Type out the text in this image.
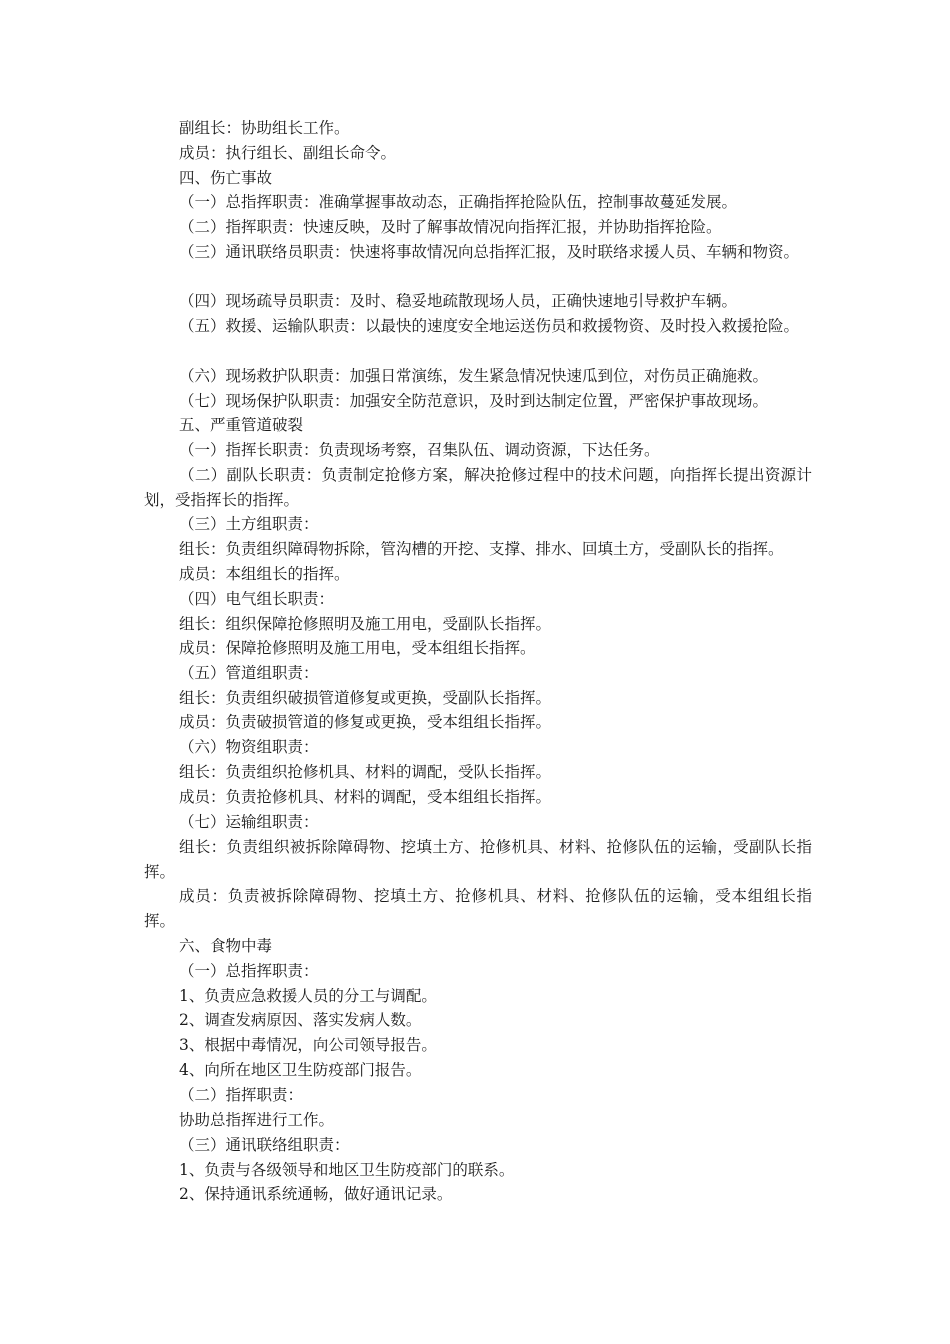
副组长：协助组长工作。

成员：执行组长、副组长命令。

四、伤亡事故

（一）总指挥职责：准确掌握事故动态，正确指挥抢险队伍，控制事故蔓延发展。

（二）指挥职责：快速反映，及时了解事故情况向指挥汇报，并协助指挥抢险。

（三）通讯联络员职责：快速将事故情况向总指挥汇报，及时联络求援人员、车辆和物资。

（四）现场疏导员职责：及时、稳妥地疏散现场人员，正确快速地引导救护车辆。

（五）救援、运输队职责：以最快的速度安全地运送伤员和救援物资、及时投入救援抢险。

（六）现场救护队职责：加强日常演练，发生紧急情况快速瓜到位，对伤员正确施救。

（七）现场保护队职责：加强安全防范意识，及时到达制定位置，严密保护事故现场。

五、严重管道破裂

（一）指挥长职责：负责现场考察，召集队伍、调动资源，下达任务。

（二）副队长职责：负责制定抢修方案，解决抢修过程中的技术问题，向指挥长提出资源计划，受指挥长的指挥。

（三）土方组职责：

组长：负责组织障碍物拆除，管沟槽的开挖、支撑、排水、回填土方，受副队长的指挥。

成员：本组组长的指挥。

（四）电气组长职责：

组长：组织保障抢修照明及施工用电，受副队长指挥。

成员：保障抢修照明及施工用电，受本组组长指挥。

（五）管道组职责：

组长：负责组织破损管道修复或更换，受副队长指挥。

成员：负责破损管道的修复或更换，受本组组长指挥。

（六）物资组职责：

组长：负责组织抢修机具、材料的调配，受队长指挥。

成员：负责抢修机具、材料的调配，受本组组长指挥。

（七）运输组职责：

组长：负责组织被拆除障碍物、挖填土方、抢修机具、材料、抢修队伍的运输，受副队长指挥。

成员：负责被拆除障碍物、挖填土方、抢修机具、材料、抢修队伍的运输，受本组组长指挥。

六、食物中毒

（一）总指挥职责：

1、负责应急救援人员的分工与调配。

2、调查发病原因、落实发病人数。

3、根据中毒情况，向公司领导报告。

4、向所在地区卫生防疫部门报告。

（二）指挥职责：

协助总指挥进行工作。

（三）通讯联络组职责：

1、负责与各级领导和地区卫生防疫部门的联系。

2、保持通讯系统通畅，做好通讯记录。
